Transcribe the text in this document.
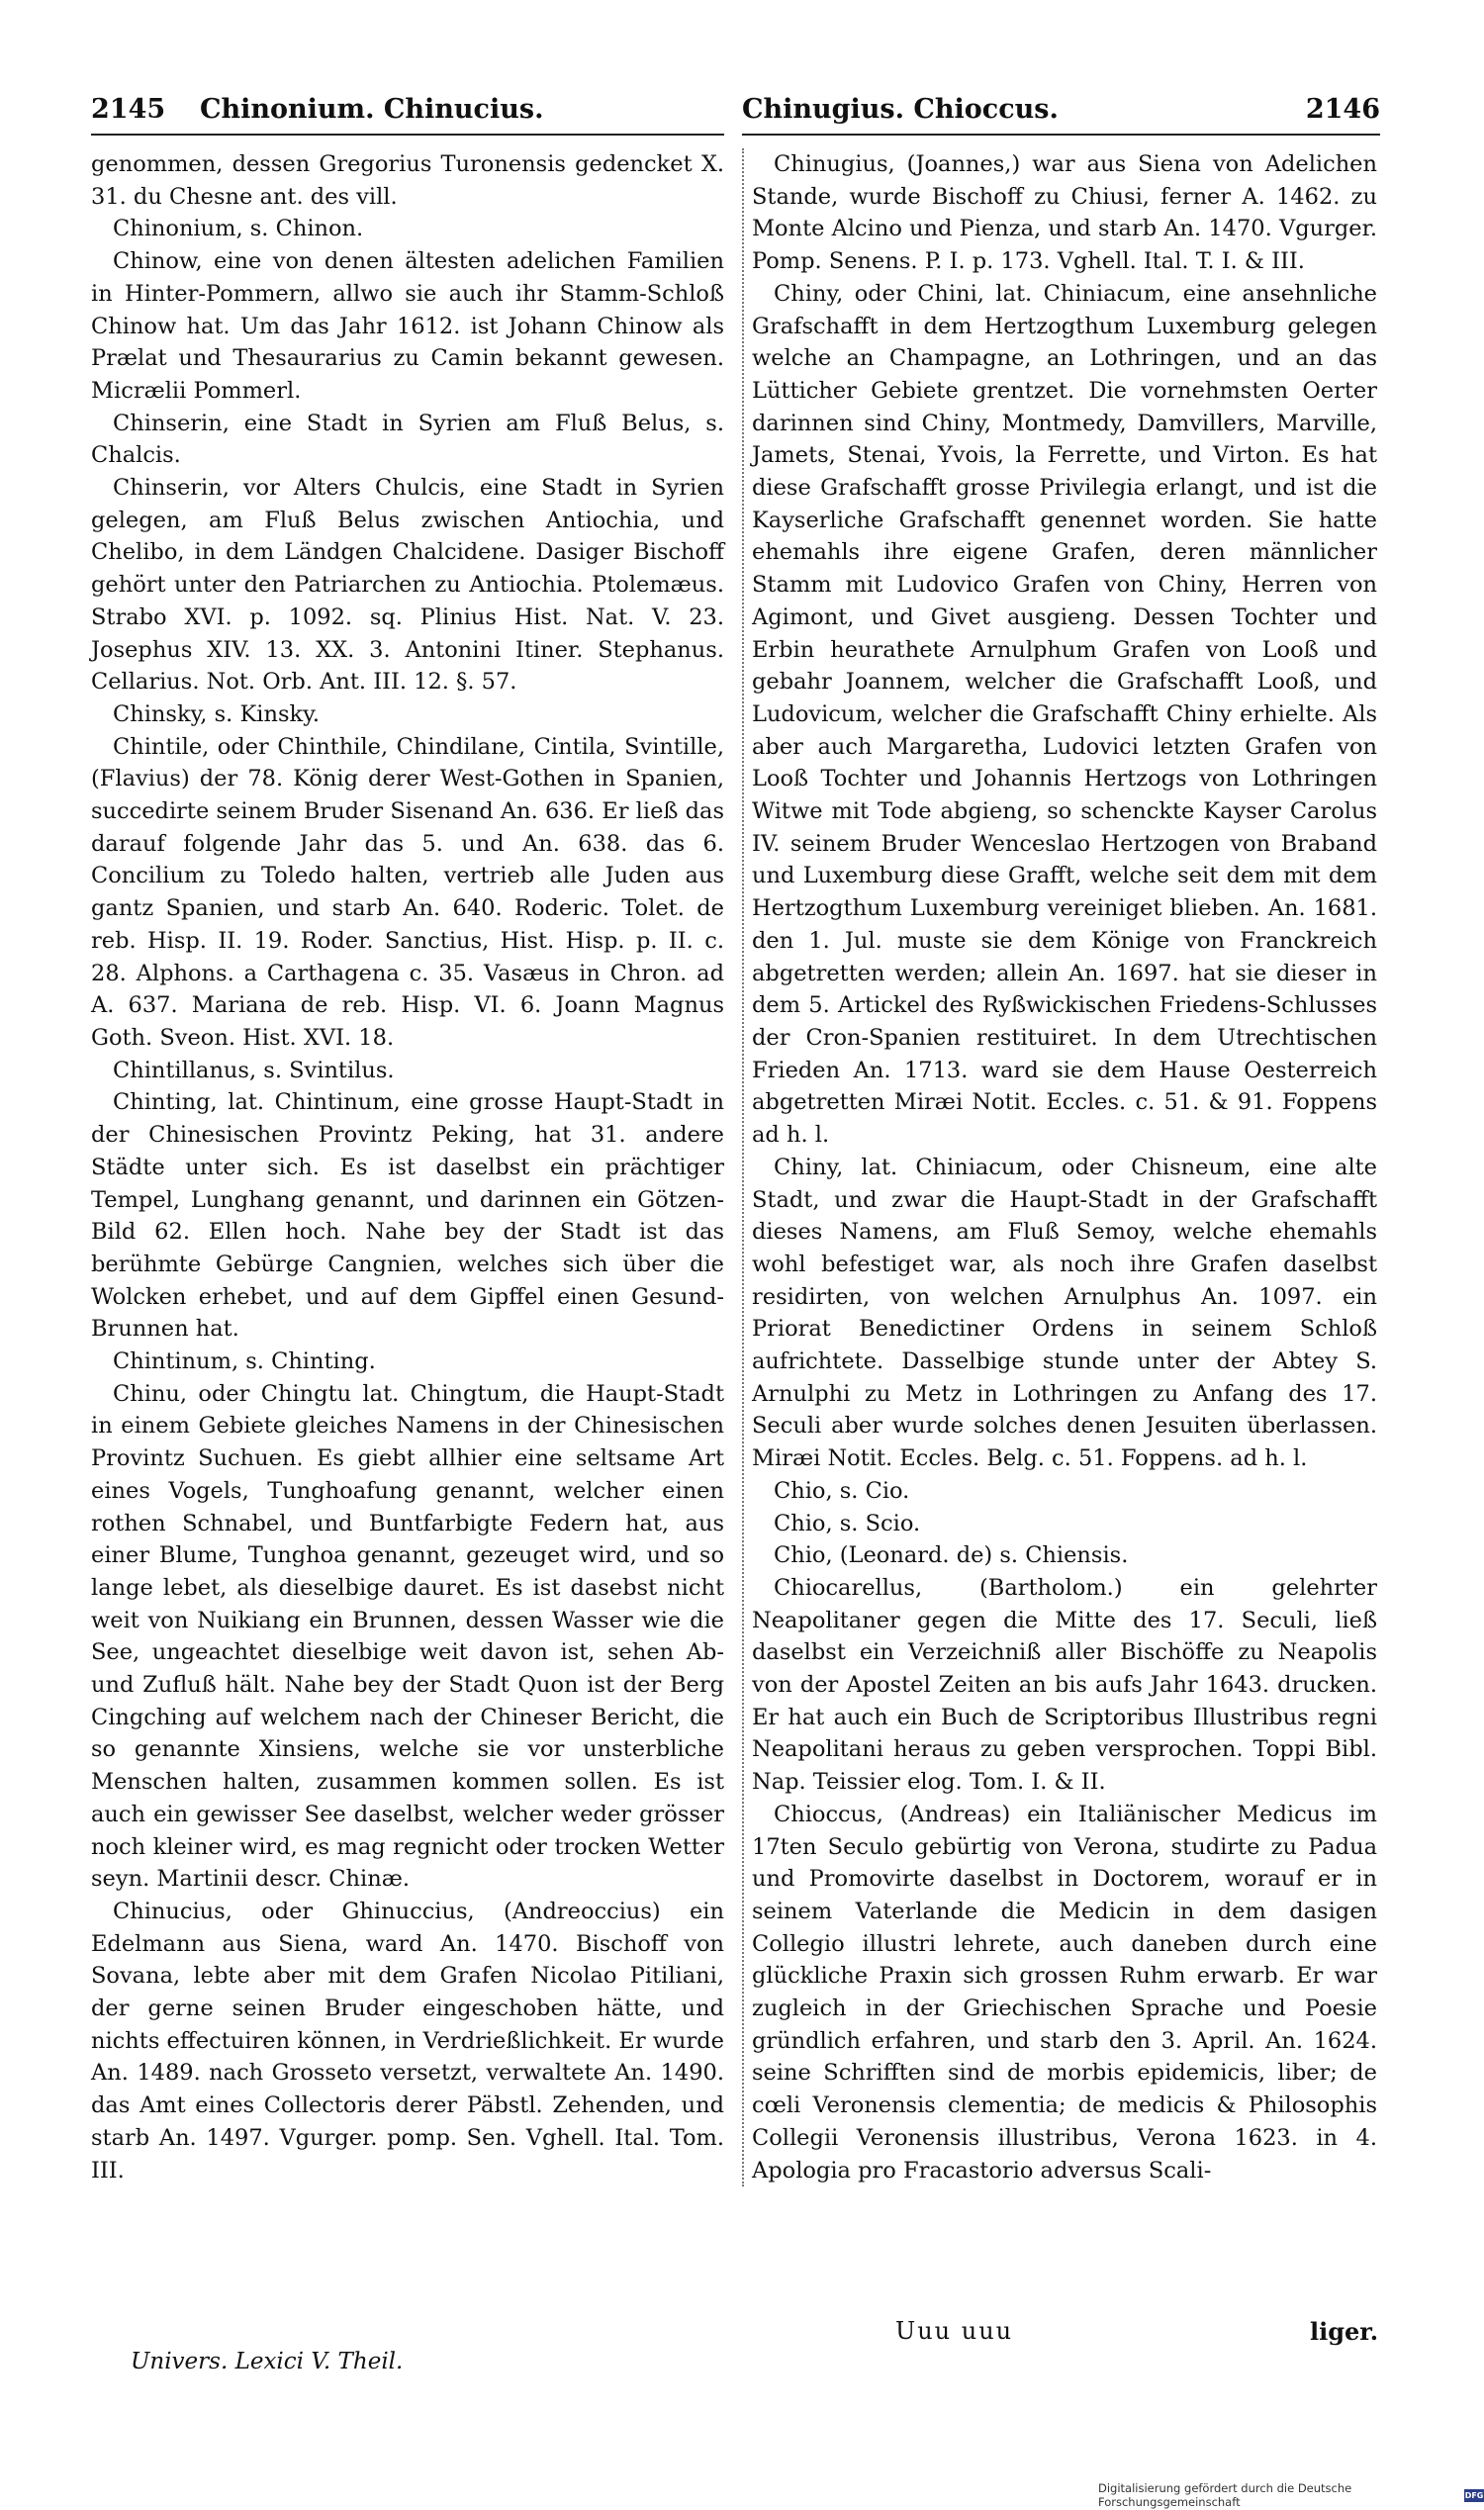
2145	Chinonium. Chinucius.	Chinugius. Chioccus.	2146

genommen, dessen Gregorius Turonensis gedencket X. 31. du Chesne ant. des vill.

Chinonium, s. Chinon.

Chinow, eine von denen ältesten adelichen Familien in Hinter-Pommern, allwo sie auch ihr Stamm-Schloß Chinow hat. Um das Jahr 1612. ist Johann Chinow als Prælat und Thesaurarius zu Camin bekannt gewesen. Micrælii Pommerl.

Chinserin, eine Stadt in Syrien am Fluß Belus, s. Chalcis.

Chinserin, vor Alters Chulcis, eine Stadt in Syrien gelegen, am Fluß Belus zwischen Antiochia, und Chelibo, in dem Ländgen Chalcidene. Dasiger Bischoff gehört unter den Patriarchen zu Antiochia. Ptolemæus. Strabo XVI. p. 1092. sq. Plinius Hist. Nat. V. 23. Josephus XIV. 13. XX. 3. Antonini Itiner. Stephanus. Cellarius. Not. Orb. Ant. III. 12. §. 57.

Chinsky, s. Kinsky.

Chintile, oder Chinthile, Chindilane, Cintila, Svintille, (Flavius) der 78. König derer West-Gothen in Spanien, succedirte seinem Bruder Sisenand An. 636. Er ließ das darauf folgende Jahr das 5. und An. 638. das 6. Concilium zu Toledo halten, vertrieb alle Juden aus gantz Spanien, und starb An. 640. Roderic. Tolet. de reb. Hisp. II. 19. Roder. Sanctius, Hist. Hisp. p. II. c. 28. Alphons. a Carthagena c. 35. Vasæus in Chron. ad A. 637. Mariana de reb. Hisp. VI. 6. Joann Magnus Goth. Sveon. Hist. XVI. 18.

Chintillanus, s. Svintilus.

Chinting, lat. Chintinum, eine grosse Haupt-Stadt in der Chinesischen Provintz Peking, hat 31. andere Städte unter sich. Es ist daselbst ein prächtiger Tempel, Lunghang genannt, und darinnen ein Götzen-Bild 62. Ellen hoch. Nahe bey der Stadt ist das berühmte Gebürge Cangnien, welches sich über die Wolcken erhebet, und auf dem Gipffel einen Gesund-Brunnen hat.

Chintinum, s. Chinting.

Chinu, oder Chingtu lat. Chingtum, die Haupt-Stadt in einem Gebiete gleiches Namens in der Chinesischen Provintz Suchuen. Es giebt allhier eine seltsame Art eines Vogels, Tunghoafung genannt, welcher einen rothen Schnabel, und Buntfarbigte Federn hat, aus einer Blume, Tunghoa genannt, gezeuget wird, und so lange lebet, als dieselbige dauret. Es ist dasebst nicht weit von Nuikiang ein Brunnen, dessen Wasser wie die See, ungeachtet dieselbige weit davon ist, sehen Ab- und Zufluß hält. Nahe bey der Stadt Quon ist der Berg Cingching auf welchem nach der Chineser Bericht, die so genannte Xinsiens, welche sie vor unsterbliche Menschen halten, zusammen kommen sollen. Es ist auch ein gewisser See daselbst, welcher weder grösser noch kleiner wird, es mag regnicht oder trocken Wetter seyn. Martinii descr. Chinæ.

Chinucius, oder Ghinuccius, (Andreoccius) ein Edelmann aus Siena, ward An. 1470. Bischoff von Sovana, lebte aber mit dem Grafen Nicolao Pitiliani, der gerne seinen Bruder eingeschoben hätte, und nichts effectuiren können, in Verdrießlichkeit. Er wurde An. 1489. nach Grosseto versetzt, verwaltete An. 1490. das Amt eines Collectoris derer Päbstl. Zehenden, und starb An. 1497. Vgurger. pomp. Sen. Vghell. Ital. Tom. III.

Chinugius, (Joannes,) war aus Siena von Adelichen Stande, wurde Bischoff zu Chiusi, ferner A. 1462. zu Monte Alcino und Pienza, und starb An. 1470. Vgurger. Pomp. Senens. P. I. p. 173. Vghell. Ital. T. I. & III.

Chiny, oder Chini, lat. Chiniacum, eine ansehnliche Grafschafft in dem Hertzogthum Luxemburg gelegen welche an Champagne, an Lothringen, und an das Lütticher Gebiete grentzet. Die vornehmsten Oerter darinnen sind Chiny, Montmedy, Damvillers, Marville, Jamets, Stenai, Yvois, la Ferrette, und Virton. Es hat diese Grafschafft grosse Privilegia erlangt, und ist die Kayserliche Grafschafft genennet worden. Sie hatte ehemahls ihre eigene Grafen, deren männlicher Stamm mit Ludovico Grafen von Chiny, Herren von Agimont, und Givet ausgieng. Dessen Tochter und Erbin heurathete Arnulphum Grafen von Looß und gebahr Joannem, welcher die Grafschafft Looß, und Ludovicum, welcher die Grafschafft Chiny erhielte. Als aber auch Margaretha, Ludovici letzten Grafen von Looß Tochter und Johannis Hertzogs von Lothringen Witwe mit Tode abgieng, so schenckte Kayser Carolus IV. seinem Bruder Wenceslao Hertzogen von Braband und Luxemburg diese Grafft, welche seit dem mit dem Hertzogthum Luxemburg vereiniget blieben. An. 1681. den 1. Jul. muste sie dem Könige von Franckreich abgetretten werden; allein An. 1697. hat sie dieser in dem 5. Artickel des Ryßwickischen Friedens-Schlusses der Cron-Spanien restituiret. In dem Utrechtischen Frieden An. 1713. ward sie dem Hause Oesterreich abgetretten Miræi Notit. Eccles. c. 51. & 91. Foppens ad h. l.

Chiny, lat. Chiniacum, oder Chisneum, eine alte Stadt, und zwar die Haupt-Stadt in der Grafschafft dieses Namens, am Fluß Semoy, welche ehemahls wohl befestiget war, als noch ihre Grafen daselbst residirten, von welchen Arnulphus An. 1097. ein Priorat Benedictiner Ordens in seinem Schloß aufrichtete. Dasselbige stunde unter der Abtey S. Arnulphi zu Metz in Lothringen zu Anfang des 17. Seculi aber wurde solches denen Jesuiten überlassen. Miræi Notit. Eccles. Belg. c. 51. Foppens. ad h. l.

Chio, s. Cio.

Chio, s. Scio.

Chio, (Leonard. de) s. Chiensis.

Chiocarellus, (Bartholom.) ein gelehrter Neapolitaner gegen die Mitte des 17. Seculi, ließ daselbst ein Verzeichniß aller Bischöffe zu Neapolis von der Apostel Zeiten an bis aufs Jahr 1643. drucken. Er hat auch ein Buch de Scriptoribus Illustribus regni Neapolitani heraus zu geben versprochen. Toppi Bibl. Nap. Teissier elog. Tom. I. & II.

Chioccus, (Andreas) ein Italiänischer Medicus im 17ten Seculo gebürtig von Verona, studirte zu Padua und Promovirte daselbst in Doctorem, worauf er in seinem Vaterlande die Medicin in dem dasigen Collegio illustri lehrete, auch daneben durch eine glückliche Praxin sich grossen Ruhm erwarb. Er war zugleich in der Griechischen Sprache und Poesie gründlich erfahren, und starb den 3. April. An. 1624. seine Schrifften sind de morbis epidemicis, liber; de cœli Veronensis clementia; de medicis & Philosophis Collegii Veronensis illustribus, Verona 1623. in 4. Apologia pro Fracastorio adversus Scali-

Univers. Lexici V. Theil.
Uuu uuu	liger.
Digitalisierung gefördert durch die Deutsche Forschungsgemeinschaft	DFG
